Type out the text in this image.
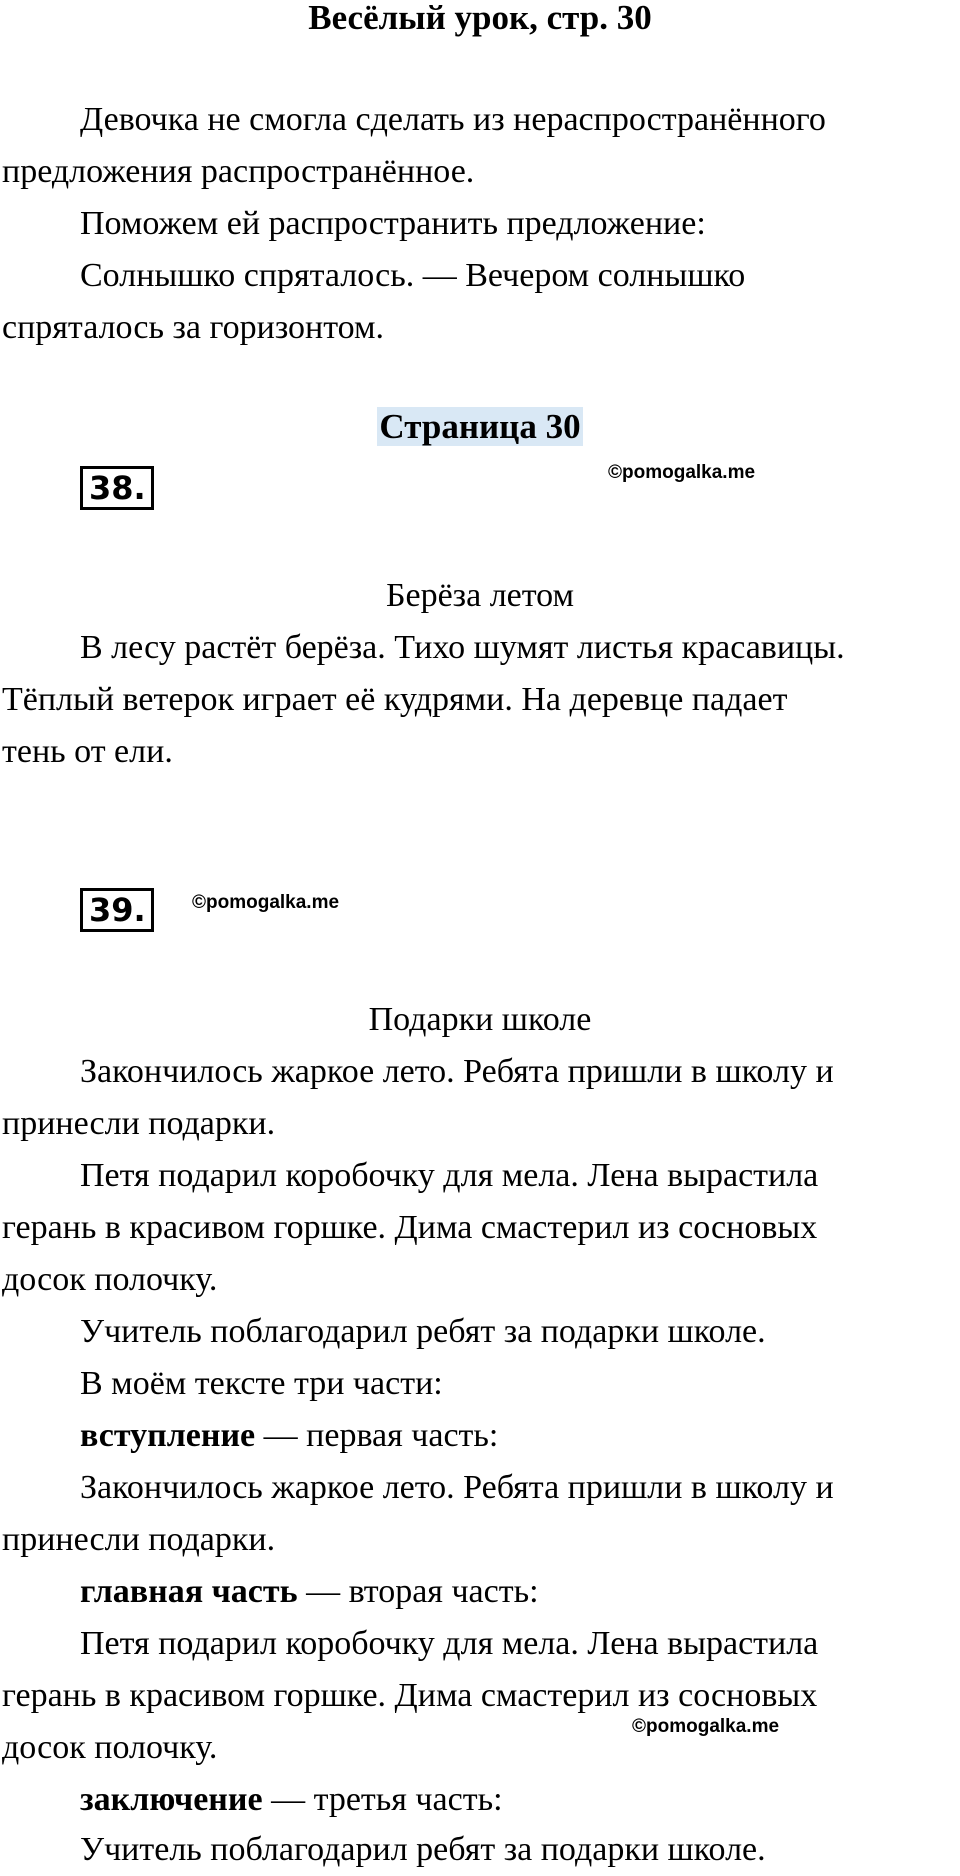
Весёлый урок, стр. 30
Девочка не смогла сделать из нераспространённого
предложения распространённое.
Поможем ей распространить предложение:
Солнышко спряталось. — Вечером солнышко
спряталось за горизонтом.
Страница 30
38.	©pomogalka.me
Берёза летом
В лесу растёт берёза. Тихо шумят листья красавицы.
Тёплый ветерок играет её кудрями. На деревце падает
тень от ели.
39.	©pomogalka.me
Подарки школе
Закончилось жаркое лето. Ребята пришли в школу и
принесли подарки.
Петя подарил коробочку для мела. Лена вырастила
герань в красивом горшке. Дима смастерил из сосновых
досок полочку.
Учитель поблагодарил ребят за подарки школе.
В моём тексте три части:
вступление — первая часть:
Закончилось жаркое лето. Ребята пришли в школу и
принесли подарки.
главная часть — вторая часть:
Петя подарил коробочку для мела. Лена вырастила
герань в красивом горшке. Дима смастерил из сосновых
досок полочку.
заключение — третья часть:
Учитель поблагодарил ребят за подарки школе.
©pomogalka.me
